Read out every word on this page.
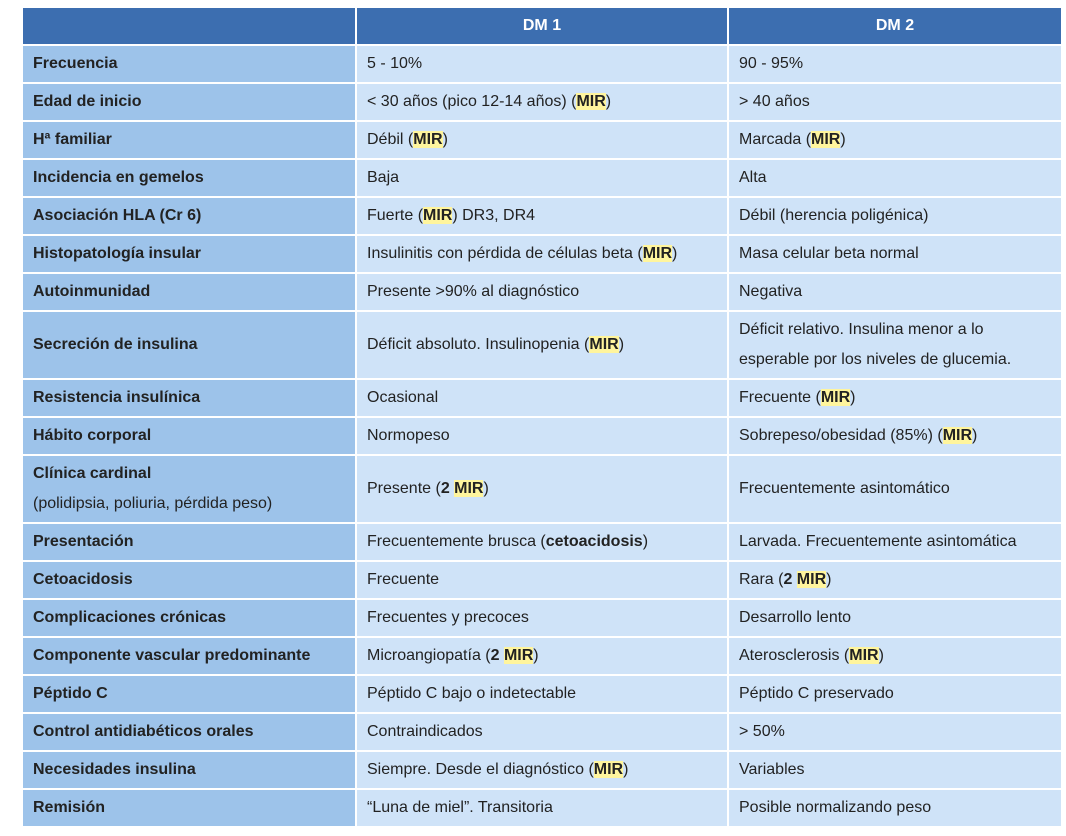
	DM 1	DM 2
Frecuencia	5 - 10%	90 - 95%
Edad de inicio	< 30 años (pico 12-14 años) (MIR)	> 40 años
Hª familiar	Débil (MIR)	Marcada (MIR)
Incidencia en gemelos	Baja	Alta
Asociación HLA (Cr 6)	Fuerte (MIR) DR3, DR4	Débil (herencia poligénica)
Histopatología insular	Insulinitis con pérdida de células beta (MIR)	Masa celular beta normal
Autoinmunidad	Presente >90% al diagnóstico	Negativa
Secreción de insulina	Déficit absoluto. Insulinopenia (MIR)	Déficit relativo. Insulina menor a lo esperable por los niveles de glucemia.
Resistencia insulínica	Ocasional	Frecuente (MIR)
Hábito corporal	Normopeso	Sobrepeso/obesidad (85%) (MIR)
Clínica cardinal
(polidipsia, poliuria, pérdida peso)	Presente (2 MIR)	Frecuentemente asintomático
Presentación	Frecuentemente brusca (cetoacidosis)	Larvada. Frecuentemente asintomática
Cetoacidosis	Frecuente	Rara (2 MIR)
Complicaciones crónicas	Frecuentes y precoces	Desarrollo lento
Componente vascular predominante	Microangiopatía (2 MIR)	Aterosclerosis (MIR)
Péptido C	Péptido C bajo o indetectable	Péptido C preservado
Control antidiabéticos orales	Contraindicados	> 50%
Necesidades insulina	Siempre. Desde el diagnóstico (MIR)	Variables
Remisión	“Luna de miel”. Transitoria	Posible normalizando peso
